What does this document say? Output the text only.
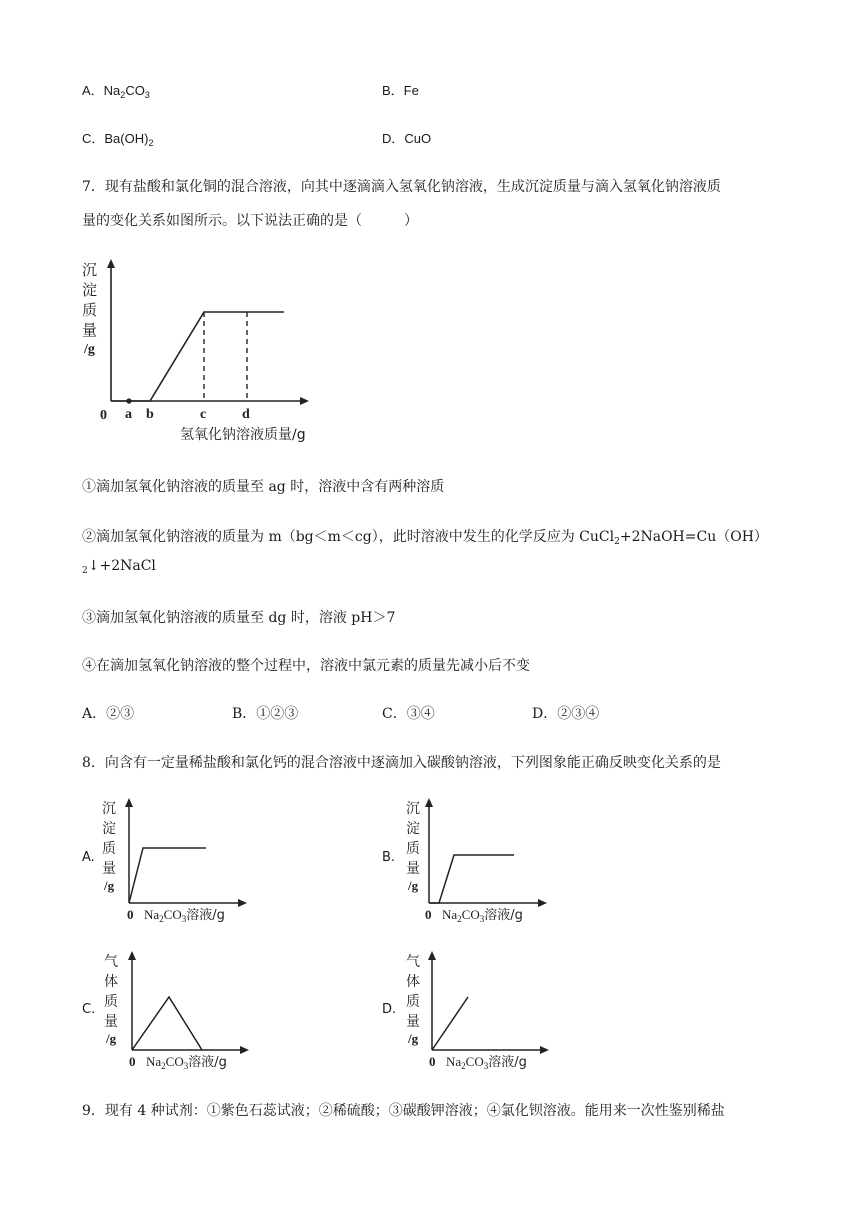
A．$Na_2CO_3$	B．Fe
C．$Ba(OH)_2$	D．CuO
7．现有盐酸和氯化铜的混合溶液，向其中逐滴滴入氢氧化钠溶液，生成沉淀质量与滴入氢氧化钠溶液质
量的变化关系如图所示。以下说法正确的是（　　　）
沉
淀
质
量
/g
0 a b	c	d
氢氧化钠溶液质量/g
①滴加氢氧化钠溶液的质量至 ag 时，溶液中含有两种溶质
②滴加氢氧化钠溶液的质量为 m（bg＜m＜cg），此时溶液中发生的化学反应为 CuCl$_2$+2NaOH=Cu（OH）
$_2$↓+2NaCl
③滴加氢氧化钠溶液的质量至 dg 时，溶液 pH＞7
④在滴加氢氧化钠溶液的整个过程中，溶液中氯元素的质量先减小后不变
A．②③	B．①②③	C．③④	D．②③④
8．向含有一定量稀盐酸和氯化钙的混合溶液中逐滴加入碳酸钠溶液，下列图象能正确反映变化关系的是
A.	B.
C.	D.
沉
淀
质
量
/g
0 $Na_2CO_3$溶液/g
沉
淀
质
量
/g
0 $Na_2CO_3$溶液/g
气
体
质
量
/g
0 $Na_2CO_3$溶液/g
气
体
质
量
/g
0 $Na_2CO_3$溶液/g
9．现有 4 种试剂：①紫色石蕊试液；②稀硫酸；③碳酸钾溶液；④氯化钡溶液。能用来一次性鉴别稀盐
